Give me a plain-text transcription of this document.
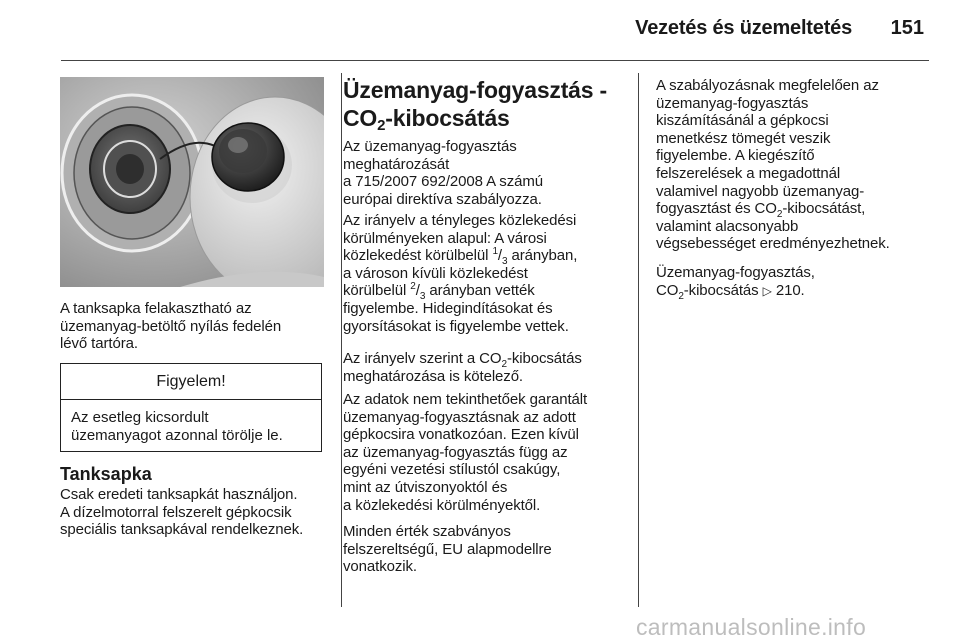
Vezetés és üzemeltetés	151
A tanksapka felakasztható az
üzemanyag-betöltő nyílás fedelén
lévő tartóra.
Figyelem!
Az esetleg kicsordult
üzemanyagot azonnal törölje le.
Tanksapka
Csak eredeti tanksapkát használjon.
A dízelmotorral felszerelt gépkocsik
speciális tanksapkával rendelkeznek.
Üzemanyag-fogyasztás -
$CO_2$-kibocsátás
Az üzemanyag-fogyasztás
meghatározását
a 715/2007 692/2008 A számú
európai direktíva szabályozza.
Az irányelv a tényleges közlekedési
körülményeken alapul: A városi
közlekedést körülbelül $^1/_3$ arányban,
a városon kívüli közlekedést
körülbelül $^2/_3$ arányban vették
figyelembe. Hidegindításokat és
gyorsításokat is figyelembe vettek.
Az irányelv szerint a $CO_2$-kibocsátás
meghatározása is kötelező.
Az adatok nem tekinthetőek garantált
üzemanyag-fogyasztásnak az adott
gépkocsira vonatkozóan. Ezen kívül
az üzemanyag-fogyasztás függ az
egyéni vezetési stílustól csakúgy,
mint az útviszonyoktól és
a közlekedési körülményektől.
Minden érték szabványos
felszereltségű, EU alapmodellre
vonatkozik.
A szabályozásnak megfelelően az
üzemanyag-fogyasztás
kiszámításánál a gépkocsi
menetkész tömegét veszik
figyelembe. A kiegészítő
felszerelések a megadottnál
valamivel nagyobb üzemanyag-
fogyasztást és $CO_2$-kibocsátást,
valamint alacsonyabb
végsebességet eredményezhetnek.
Üzemanyag-fogyasztás,
$CO_2$-kibocsátás ▷ 210.
carmanualsonline.info
